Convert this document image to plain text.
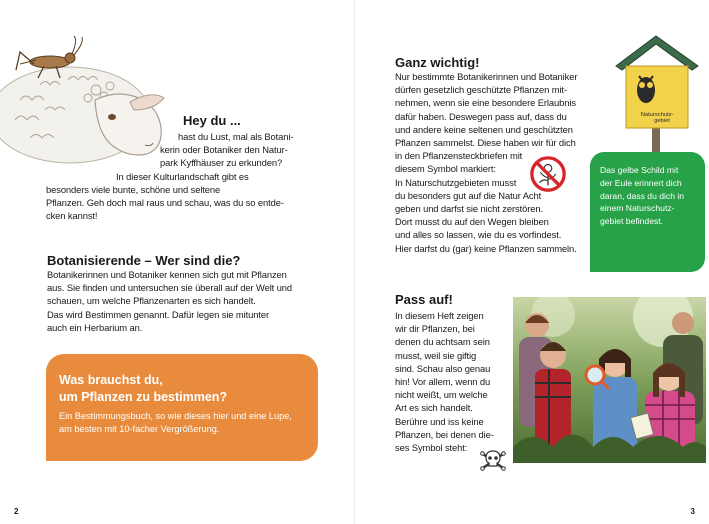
Hey du ...

hast du Lust, mal als Botani-
kerin oder Botaniker den Natur-
park Kyffhäuser zu erkunden?
In dieser Kulturlandschaft gibt es
besonders viele bunte, schöne und seltene
Pflanzen. Geh doch mal raus und schau, was du so entde-
cken kannst!

Botanisierende – Wer sind die?

Botanikerinnen und Botaniker kennen sich gut mit Pflanzen
aus. Sie finden und untersuchen sie überall auf der Welt und
schauen, um welche Pflanzenarten es sich handelt.
Das wird Bestimmen genannt. Dafür legen sie mitunter
auch ein Herbarium an.

Was brauchst du,
um Pflanzen zu bestimmen?
Ein Bestimmungsbuch, so wie dieses hier und eine Lupe,
am besten mit 10-facher Vergrößerung.
2
Ganz wichtig!

Nur bestimmte Botanikerinnen und Botaniker
dürfen gesetzlich geschützte Pflanzen mit-
nehmen, wenn sie eine besondere Erlaubnis
dafür haben. Deswegen pass auf, dass du
und andere keine seltenen und geschützten
Pflanzen sammelst. Diese haben wir für dich
in den Pflanzensteckbriefen mit
diesem Symbol markiert:
In Naturschutzgebieten musst
du besonders gut auf die Natur Acht
geben und darfst sie nicht zerstören.
Dort musst du auf den Wegen bleiben
und alles so lassen, wie du es vorfindest.
Hier darfst du (gar) keine Pflanzen sammeln.

Naturschutz- gebiet
Das gelbe Schild mit
der Eule erinnert dich
daran, dass du dich in
einem Naturschutz-
gebiet befindest.
Pass auf!

In diesem Heft zeigen
wir dir Pflanzen, bei
denen du achtsam sein
musst, weil sie giftig
sind. Schau also genau
hin! Vor allem, wenn du
nicht weißt, um welche
Art es sich handelt.
Berühre und iss keine
Pflanzen, bei denen die-
ses Symbol steht:

3
